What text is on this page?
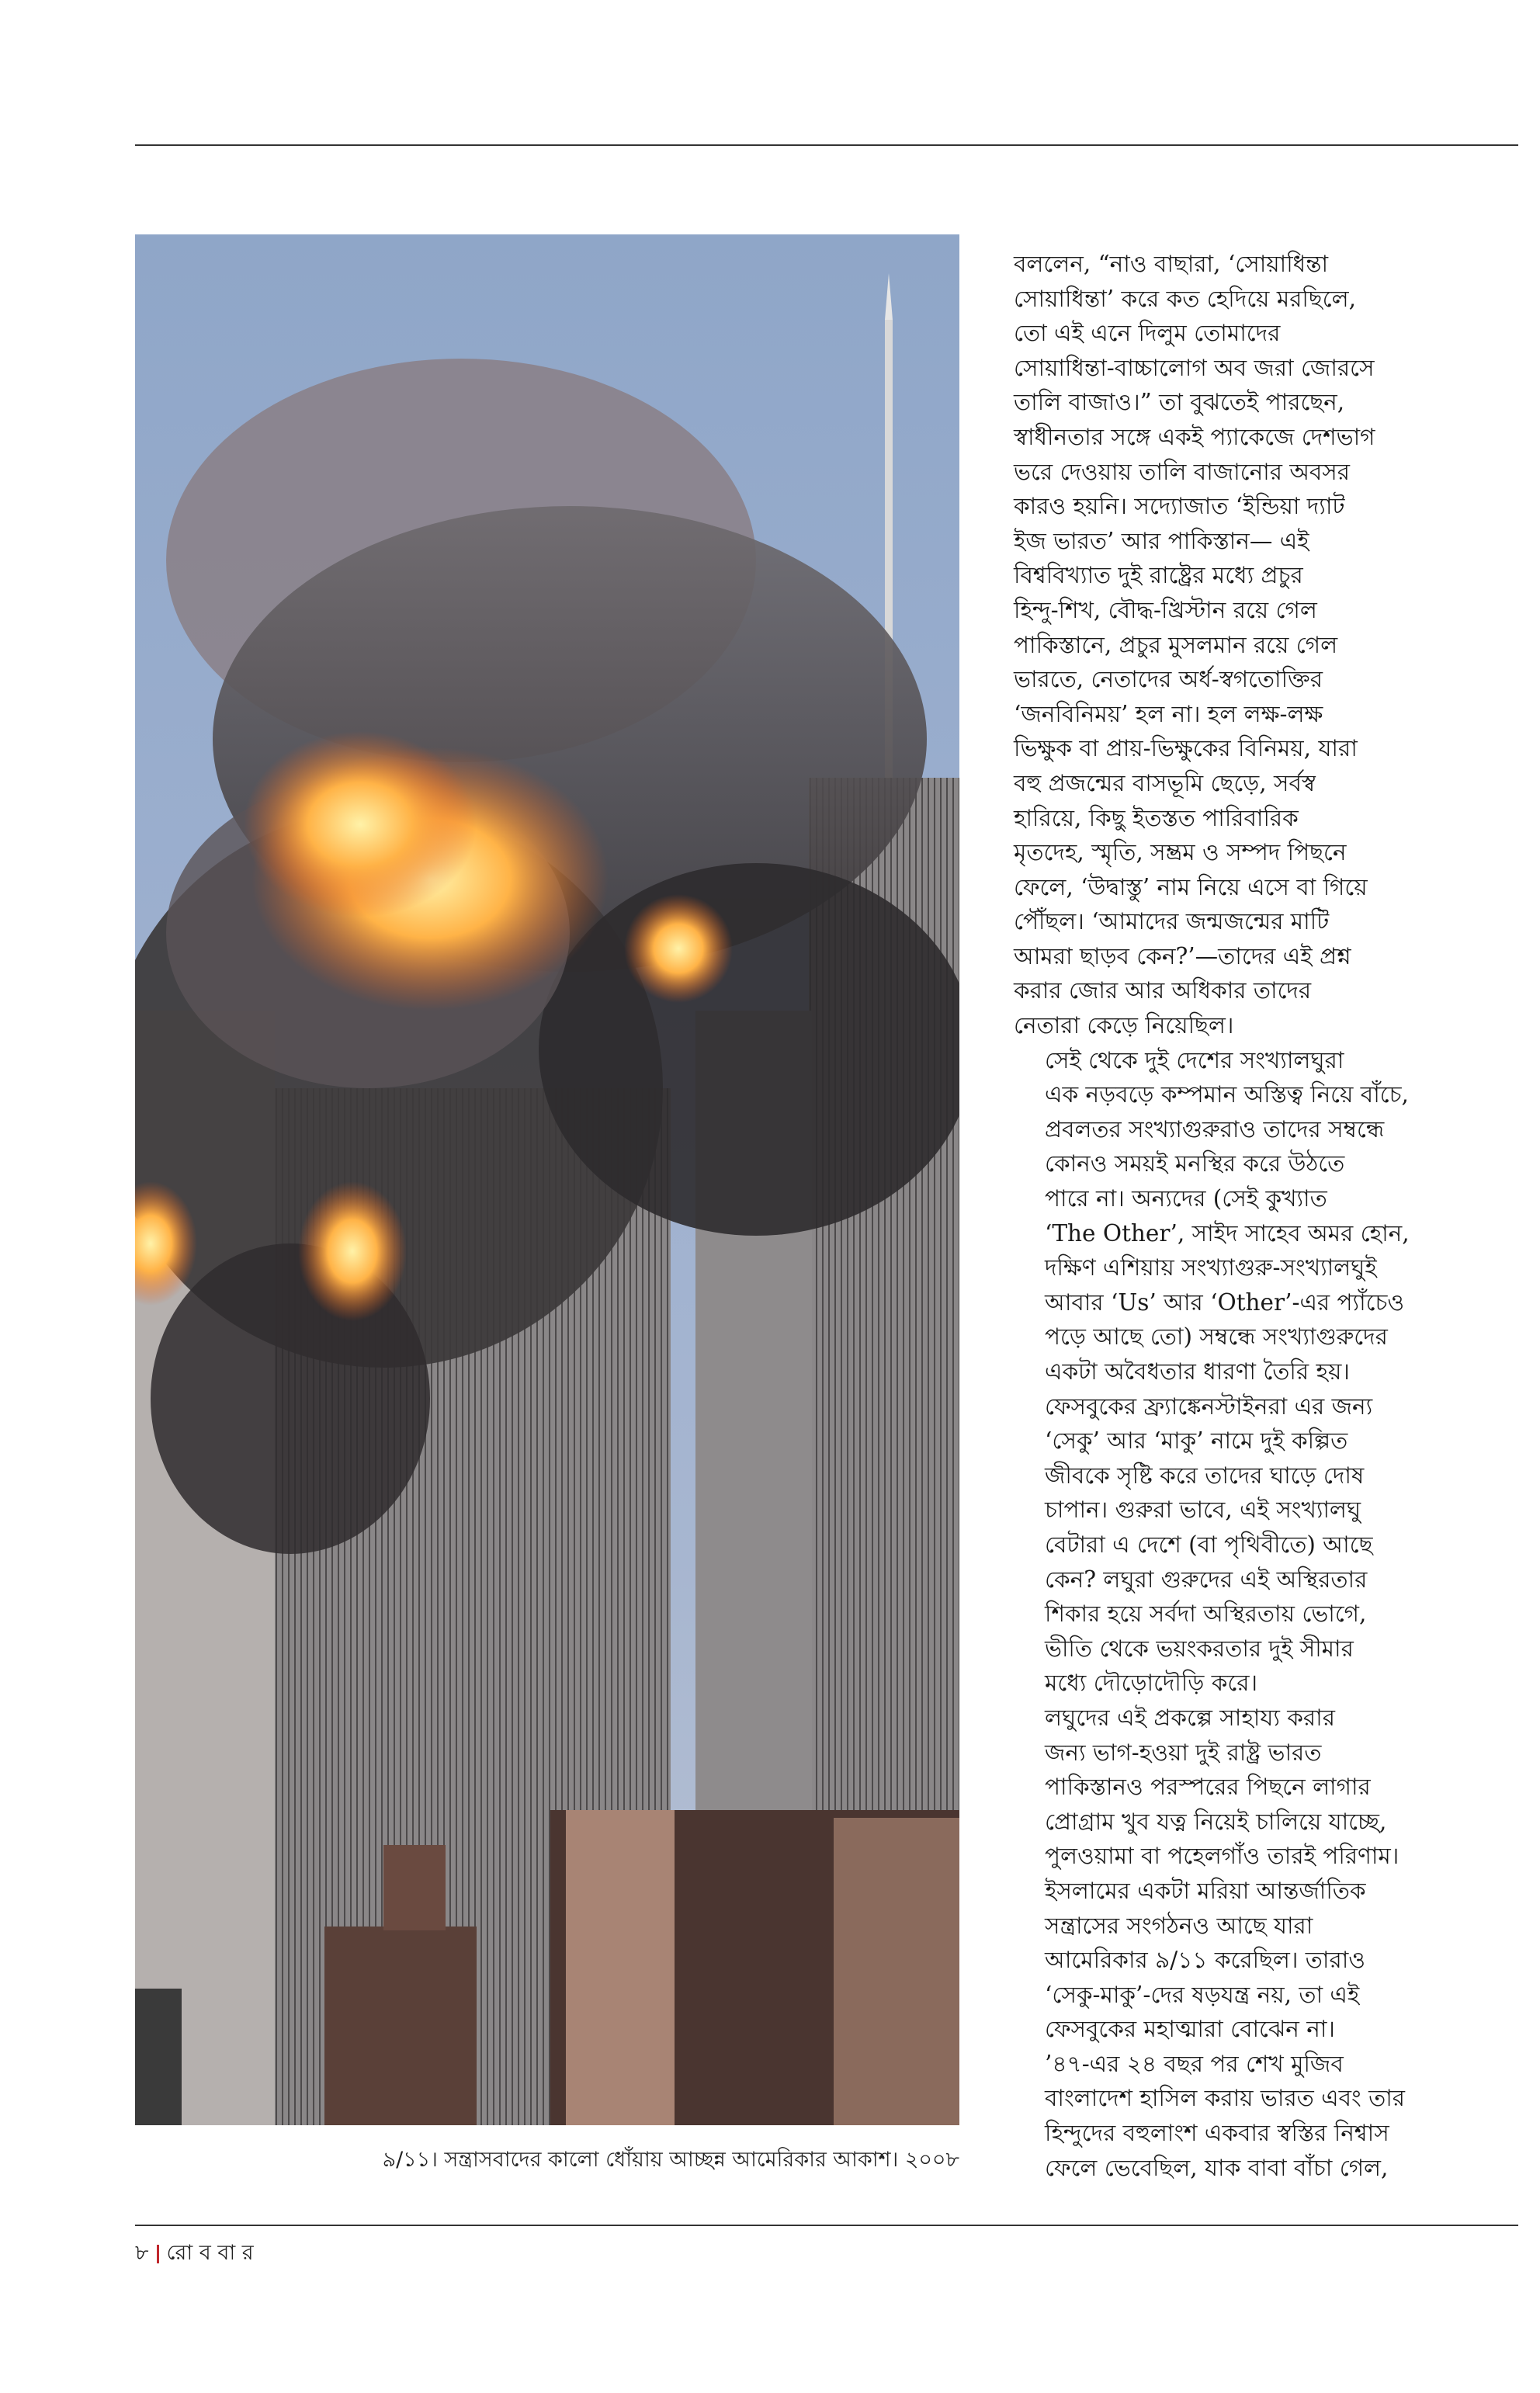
৯/১১। সন্ত্রাসবাদের কালো ধোঁয়ায় আচ্ছন্ন আমেরিকার আকাশ। ২০০৮

বললেন, “নাও বাছারা, ‘সোয়াধিন্তা
সোয়াধিন্তা’ করে কত হেদিয়ে মরছিলে,
তো এই এনে দিলুম তোমাদের
সোয়াধিন্তা-বাচ্চালোগ অব জরা জোরসে
তালি বাজাও।” তা বুঝতেই পারছেন,
স্বাধীনতার সঙ্গে একই প্যাকেজে দেশভাগ
ভরে দেওয়ায় তালি বাজানোর অবসর
কারও হয়নি। সদ্যোজাত ‘ইন্ডিয়া দ্যাট
ইজ ভারত’ আর পাকিস্তান— এই
বিশ্ববিখ্যাত দুই রাষ্ট্রের মধ্যে প্রচুর
হিন্দু-শিখ, বৌদ্ধ-খ্রিস্টান রয়ে গেল
পাকিস্তানে, প্রচুর মুসলমান রয়ে গেল
ভারতে, নেতাদের অর্ধ-স্বগতোক্তির
‘জনবিনিময়’ হল না। হল লক্ষ-লক্ষ
ভিক্ষুক বা প্রায়-ভিক্ষুকের বিনিময়, যারা
বহু প্রজন্মের বাসভূমি ছেড়ে, সর্বস্ব
হারিয়ে, কিছু ইতস্তত পারিবারিক
মৃতদেহ, স্মৃতি, সম্ভ্রম ও সম্পদ পিছনে
ফেলে, ‘উদ্বাস্তু’ নাম নিয়ে এসে বা গিয়ে
পৌঁছল। ‘আমাদের জন্মজন্মের মাটি
আমরা ছাড়ব কেন?’—তাদের এই প্রশ্ন
করার জোর আর অধিকার তাদের
নেতারা কেড়ে নিয়েছিল।

সেই থেকে দুই দেশের সংখ্যালঘুরা
এক নড়বড়ে কম্পমান অস্তিত্ব নিয়ে বাঁচে,
প্রবলতর সংখ্যাগুরুরাও তাদের সম্বন্ধে
কোনও সময়ই মনস্থির করে উঠতে
পারে না। অন্যদের (সেই কুখ্যাত
‘The Other’, সাইদ সাহেব অমর হোন,
দক্ষিণ এশিয়ায় সংখ্যাগুরু-সংখ্যালঘুই
আবার ‘Us’ আর ‘Other’-এর প্যাঁচেও
পড়ে আছে তো) সম্বন্ধে সংখ্যাগুরুদের
একটা অবৈধতার ধারণা তৈরি হয়।
ফেসবুকের ফ্র্যাঙ্কেনস্টাইনরা এর জন্য
‘সেকু’ আর ‘মাকু’ নামে দুই কল্পিত
জীবকে সৃষ্টি করে তাদের ঘাড়ে দোষ
চাপান। গুরুরা ভাবে, এই সংখ্যালঘু
বেটারা এ দেশে (বা পৃথিবীতে) আছে
কেন? লঘুরা গুরুদের এই অস্থিরতার
শিকার হয়ে সর্বদা অস্থিরতায় ভোগে,
ভীতি থেকে ভয়ংকরতার দুই সীমার
মধ্যে দৌড়োদৌড়ি করে।

লঘুদের এই প্রকল্পে সাহায্য করার
জন্য ভাগ-হওয়া দুই রাষ্ট্র ভারত
পাকিস্তানও পরস্পরের পিছনে লাগার
প্রোগ্রাম খুব যত্ন নিয়েই চালিয়ে যাচ্ছে,
পুলওয়ামা বা পহেলগাঁও তারই পরিণাম।
ইসলামের একটা মরিয়া আন্তর্জাতিক
সন্ত্রাসের সংগঠনও আছে যারা
আমেরিকার ৯/১১ করেছিল। তারাও
‘সেকু-মাকু’-দের ষড়যন্ত্র নয়, তা এই
ফেসবুকের মহাত্মারা বোঝেন না।

’৪৭-এর ২৪ বছর পর শেখ মুজিব
বাংলাদেশ হাসিল করায় ভারত এবং তার
হিন্দুদের বহুলাংশ একবার স্বস্তির নিশ্বাস
ফেলে ভেবেছিল, যাক বাবা বাঁচা গেল,

৮ রো ব বা র
